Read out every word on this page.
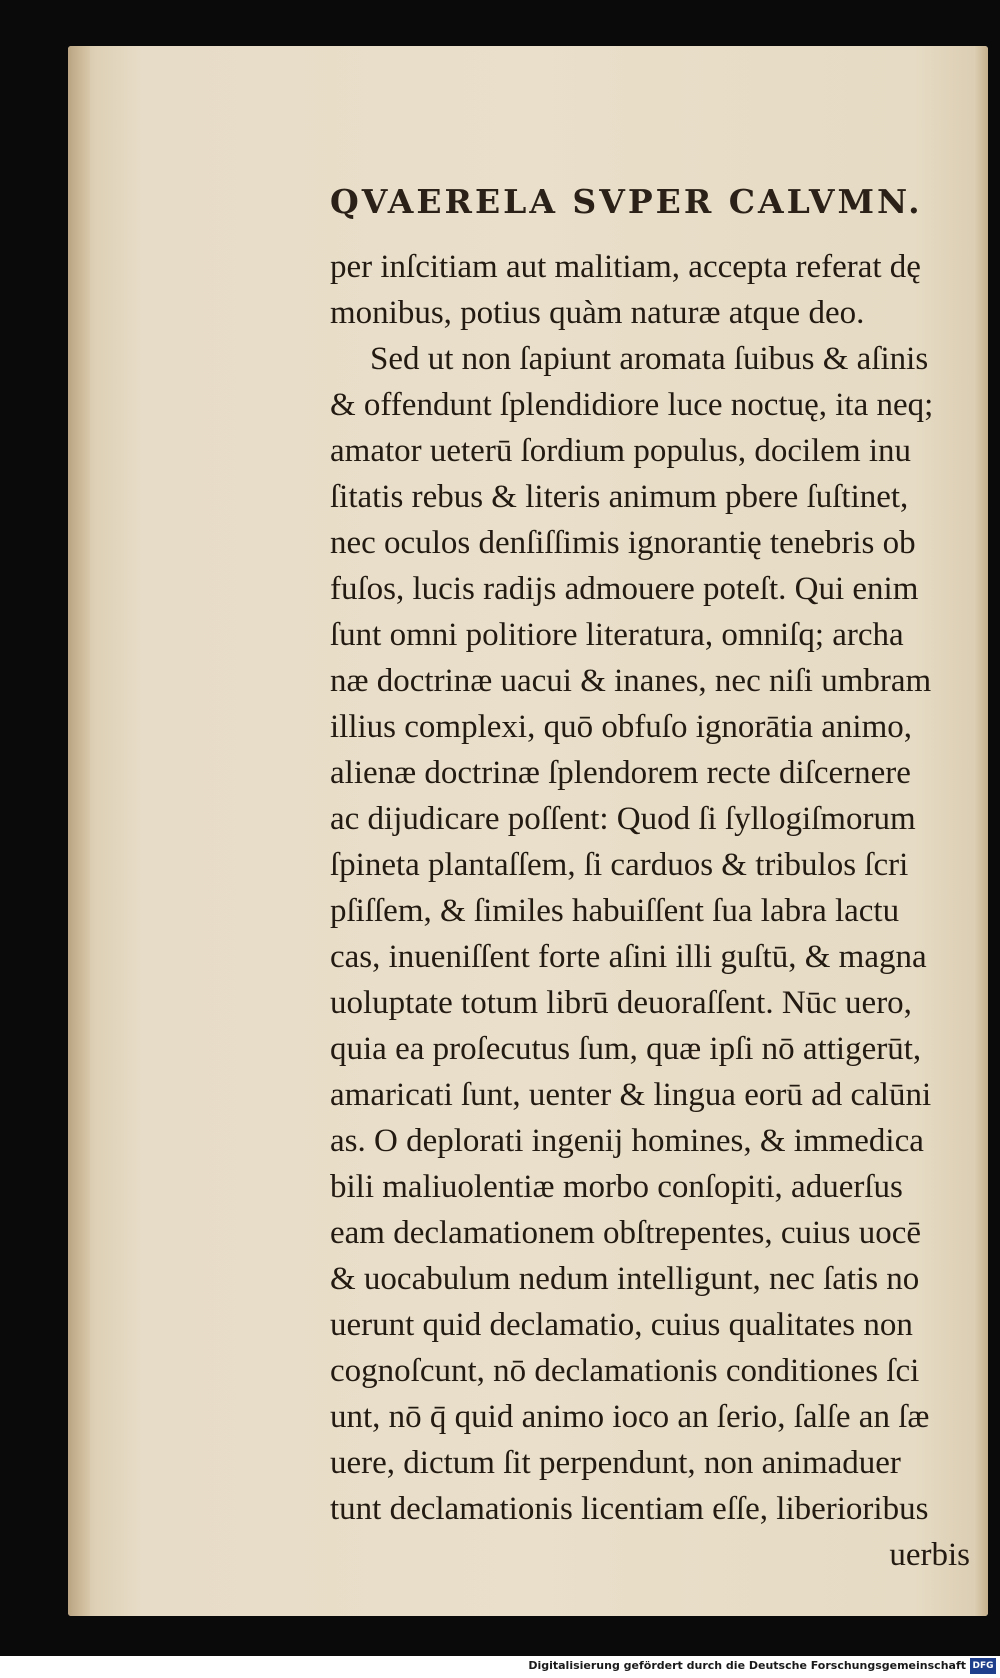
QVAERELA SVPER CALVMN.
per inſcitiam aut malitiam, accepta referat dę
monibus, potius quàm naturæ atque deo.
Sed ut non ſapiunt aromata ſuibus & aſinis
& offendunt ſplendidiore luce noctuę, ita neq;
amator ueterū ſordium populus, docilem inu
ſitatis rebus & literis animum pbere ſuſtinet,
nec oculos denſiſſimis ignorantię tenebris ob
fuſos, lucis radijs admouere poteſt. Qui enim
ſunt omni politiore literatura, omniſq; archa
næ doctrinæ uacui & inanes, nec niſi umbram
illius complexi, quō obfuſo ignorātia animo,
alienæ doctrinæ ſplendorem recte diſcernere
ac dijudicare poſſent: Quod ſi ſyllogiſmorum
ſpineta plantaſſem, ſi carduos & tribulos ſcri
pſiſſem, & ſimiles habuiſſent ſua labra lactu
cas, inueniſſent forte aſini illi guſtū, & magna
uoluptate totum librū deuoraſſent. Nūc uero,
quia ea proſecutus ſum, quæ ipſi nō attigerūt,
amaricati ſunt, uenter & lingua eorū ad calūni
as. O deplorati ingenij homines, & immedica
bili maliuolentiæ morbo conſopiti, aduerſus
eam declamationem obſtrepentes, cuius uocē
& uocabulum nedum intelligunt, nec ſatis no
uerunt quid declamatio, cuius qualitates non
cognoſcunt, nō declamationis conditiones ſci
unt, nō q̄ quid animo ioco an ſerio, ſalſe an ſæ
uere, dictum ſit perpendunt, non animaduer
tunt declamationis licentiam eſſe, liberioribus
uerbis
Digitalisierung gefördert durch die Deutsche Forschungsgemeinschaft DFG
